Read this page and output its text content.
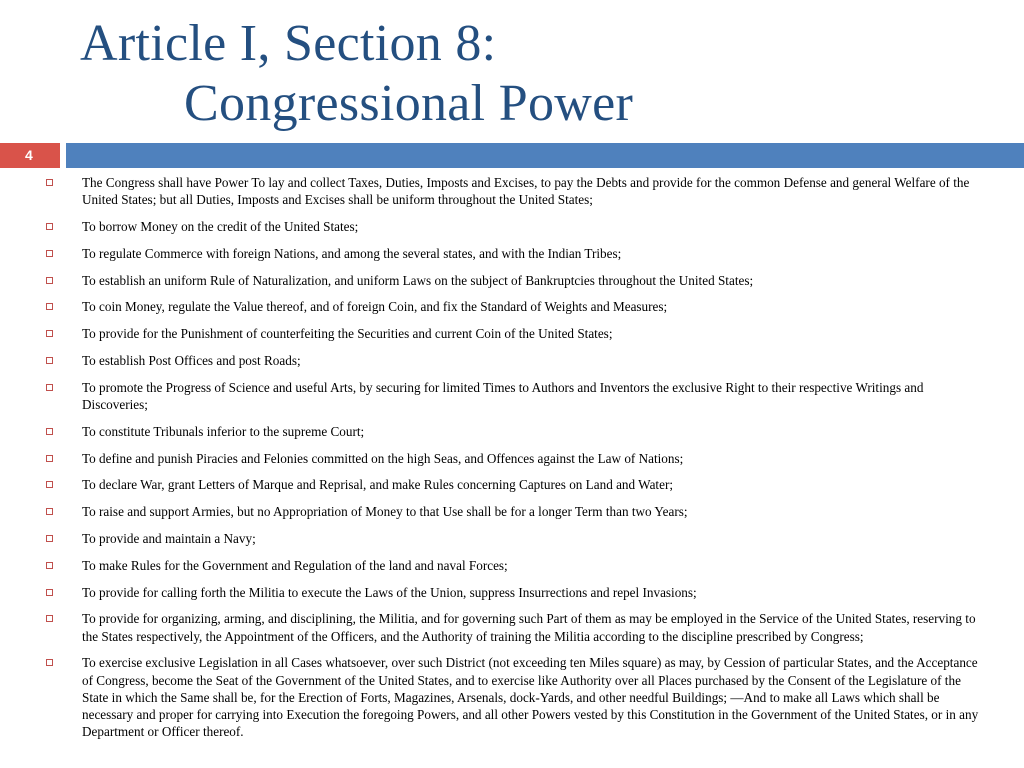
Article I, Section 8:
Congressional Power
4
The Congress shall have Power To lay and collect Taxes, Duties, Imposts and Excises, to pay the Debts and provide for the common Defense and general Welfare of the United States; but all Duties, Imposts and Excises shall be uniform throughout the United States;
To borrow Money on the credit of the United States;
To regulate Commerce with foreign Nations, and among the several states, and with the Indian Tribes;
To establish an uniform Rule of Naturalization, and uniform Laws on the subject of Bankruptcies throughout the United States;
To coin Money, regulate the Value thereof, and of foreign Coin, and fix the Standard of Weights and Measures;
To provide for the Punishment of counterfeiting the Securities and current Coin of the United States;
To establish Post Offices and post Roads;
To promote the Progress of Science and useful Arts, by securing for limited Times to Authors and Inventors the exclusive Right to their respective Writings and Discoveries;
To constitute Tribunals inferior to the supreme Court;
To define and punish Piracies and Felonies committed on the high Seas, and Offences against the Law of Nations;
To declare War, grant Letters of Marque and Reprisal, and make Rules concerning Captures on Land and Water;
To raise and support Armies, but no Appropriation of Money to that Use shall be for a longer Term than two Years;
To provide and maintain a Navy;
To make Rules for the Government and Regulation of the land and naval Forces;
To provide for calling forth the Militia to execute the Laws of the Union, suppress Insurrections and repel Invasions;
To provide for organizing, arming, and disciplining, the Militia, and for governing such Part of them as may be employed in the Service of the United States, reserving to the States respectively, the Appointment of the Officers, and the Authority of training the Militia according to the discipline prescribed by Congress;
To exercise exclusive Legislation in all Cases whatsoever, over such District (not exceeding ten Miles square) as may, by Cession of particular States, and the Acceptance of Congress, become the Seat of the Government of the United States, and to exercise like Authority over all Places purchased by the Consent of the Legislature of the State in which the Same shall be, for the Erection of Forts, Magazines, Arsenals, dock-Yards, and other needful Buildings; —And to make all Laws which shall be necessary and proper for carrying into Execution the foregoing Powers, and all other Powers vested by this Constitution in the Government of the United States, or in any Department or Officer thereof.
